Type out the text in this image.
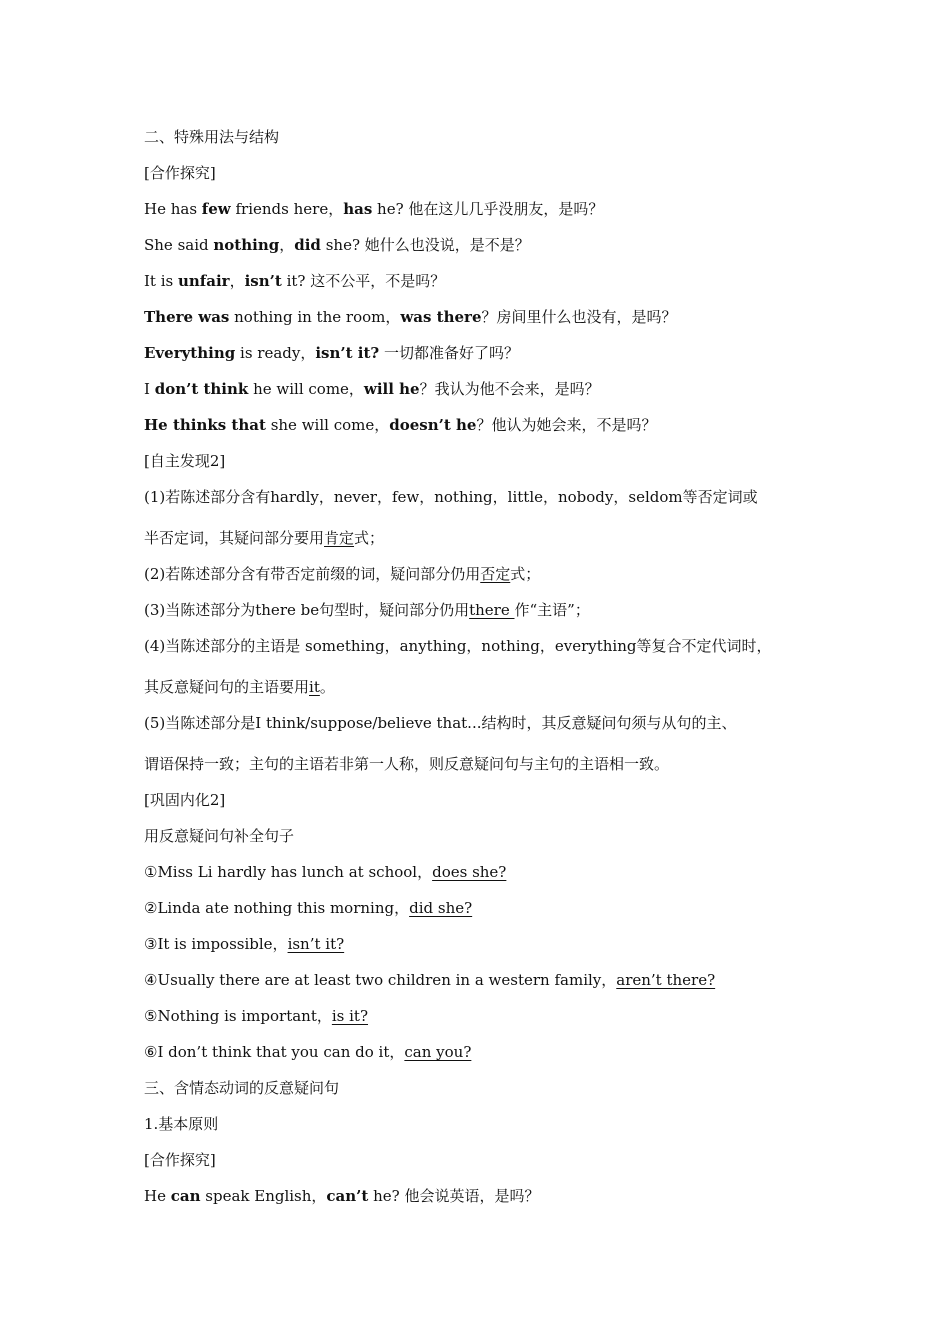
二、特殊用法与结构
[合作探究]
He has few friends here，has he? 他在这儿几乎没朋友，是吗？
She said nothing，did she? 她什么也没说，是不是？
It is unfair，isn’t it? 这不公平，不是吗？
There was nothing in the room，was there？房间里什么也没有，是吗？
Everything is ready，isn’t it? 一切都准备好了吗？
I don’t think he will come，will he？我认为他不会来，是吗？
He thinks that she will come，doesn’t he？他认为她会来，不是吗？
[自主发现2]
(1)若陈述部分含有hardly，never，few，nothing，little，nobody，seldom等否定词或
半否定词，其疑问部分要用肯定式；
(2)若陈述部分含有带否定前缀的词，疑问部分仍用否定式；
(3)当陈述部分为there be句型时，疑问部分仍用there 作“主语”；
(4)当陈述部分的主语是 something，anything，nothing，everything等复合不定代词时，
其反意疑问句的主语要用it。
(5)当陈述部分是I think/suppose/believe that...结构时，其反意疑问句须与从句的主、
谓语保持一致；主句的主语若非第一人称，则反意疑问句与主句的主语相一致。
[巩固内化2]
用反意疑问句补全句子
①Miss Li hardly has lunch at school，does she?
②Linda ate nothing this morning，did she?
③It is impossible，isn’t it?
④Usually there are at least two children in a western family，aren’t there?
⑤Nothing is important，is it?
⑥I don’t think that you can do it，can you?
三、含情态动词的反意疑问句
1.基本原则
[合作探究]
He can speak English，can’t he? 他会说英语，是吗？
